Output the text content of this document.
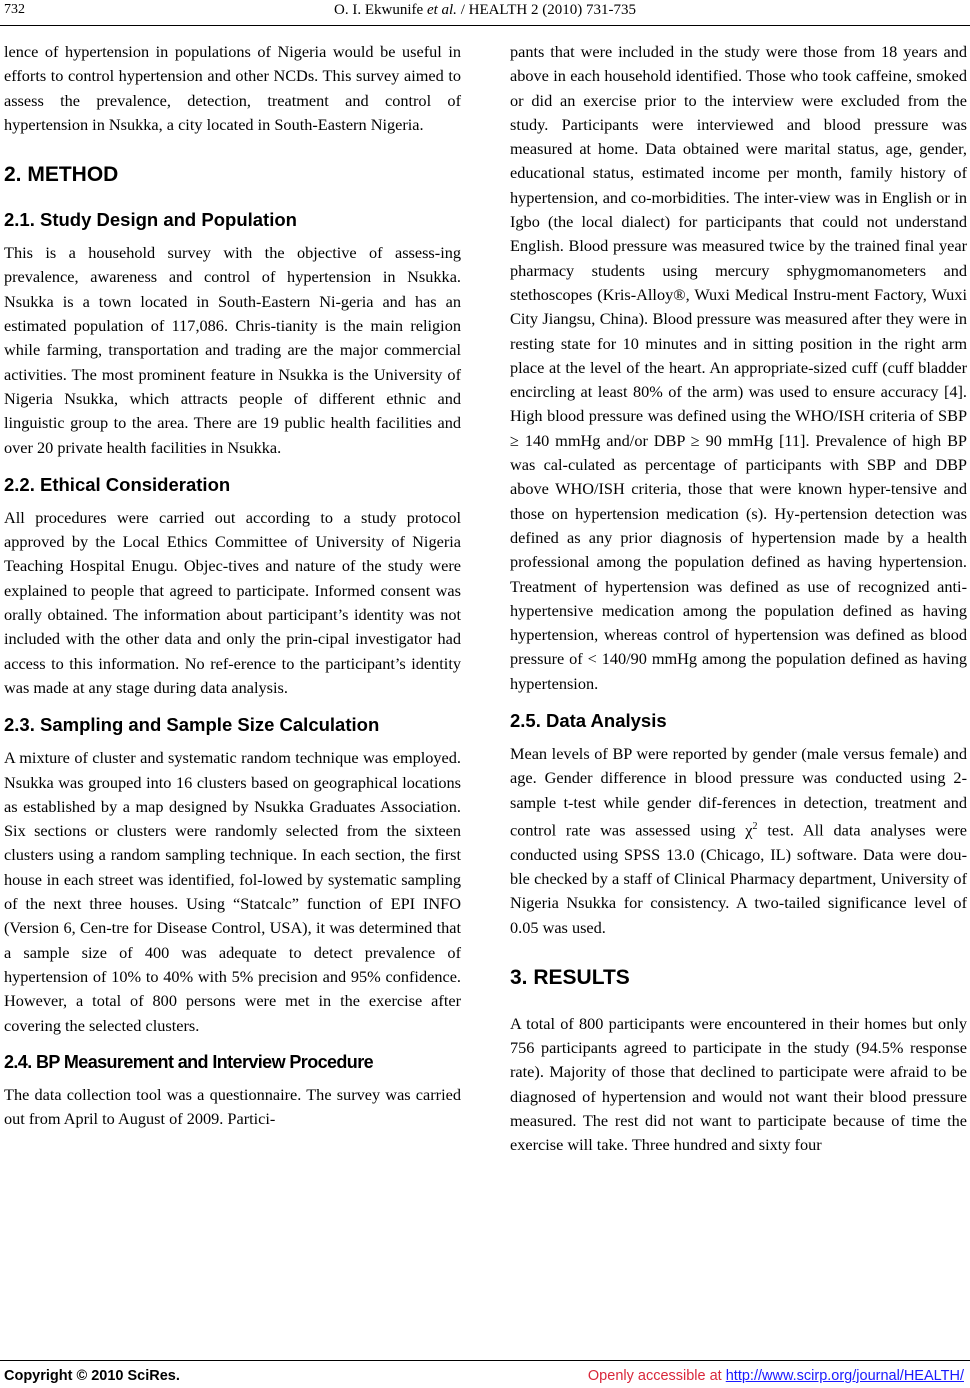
732	O. I. Ekwunife et al. / HEALTH 2 (2010) 731-735

lence of hypertension in populations of Nigeria would be useful in efforts to control hypertension and other NCDs. This survey aimed to assess the prevalence, detection, treatment and control of hypertension in Nsukka, a city located in South-Eastern Nigeria.

2. METHOD
2.1. Study Design and Population

This is a household survey with the objective of assess-ing prevalence, awareness and control of hypertension in Nsukka. Nsukka is a town located in South-Eastern Ni-geria and has an estimated population of 117,086. Chris-tianity is the main religion while farming, transportation and trading are the major commercial activities. The most prominent feature in Nsukka is the University of Nigeria Nsukka, which attracts people of different ethnic and linguistic group to the area. There are 19 public health facilities and over 20 private health facilities in Nsukka.

2.2. Ethical Consideration

All procedures were carried out according to a study protocol approved by the Local Ethics Committee of University of Nigeria Teaching Hospital Enugu. Objec-tives and nature of the study were explained to people that agreed to participate. Informed consent was orally obtained. The information about participant’s identity was not included with the other data and only the prin-cipal investigator had access to this information. No ref-erence to the participant’s identity was made at any stage during data analysis.

2.3. Sampling and Sample Size Calculation

A mixture of cluster and systematic random technique was employed. Nsukka was grouped into 16 clusters based on geographical locations as established by a map designed by Nsukka Graduates Association. Six sections or clusters were randomly selected from the sixteen clusters using a random sampling technique. In each section, the first house in each street was identified, fol-lowed by systematic sampling of the next three houses. Using “Statcalc” function of EPI INFO (Version 6, Cen-tre for Disease Control, USA), it was determined that a sample size of 400 was adequate to detect prevalence of hypertension of 10% to 40% with 5% precision and 95% confidence. However, a total of 800 persons were met in the exercise after covering the selected clusters.

2.4. BP Measurement and Interview Procedure

The data collection tool was a questionnaire. The survey was carried out from April to August of 2009. Partici-

pants that were included in the study were those from 18 years and above in each household identified. Those who took caffeine, smoked or did an exercise prior to the interview were excluded from the study. Participants were interviewed and blood pressure was measured at home. Data obtained were marital status, age, gender, educational status, estimated income per month, family history of hypertension, and co-morbidities. The inter-view was in English or in Igbo (the local dialect) for participants that could not understand English. Blood pressure was measured twice by the trained final year pharmacy students using mercury sphygmomanometers and stethoscopes (Kris-Alloy®, Wuxi Medical Instru-ment Factory, Wuxi City Jiangsu, China). Blood pressure was measured after they were in resting state for 10 minutes and in sitting position in the right arm place at the level of the heart. An appropriate-sized cuff (cuff bladder encircling at least 80% of the arm) was used to ensure accuracy [4]. High blood pressure was defined using the WHO/ISH criteria of SBP ≥ 140 mmHg and/or DBP ≥ 90 mmHg [11]. Prevalence of high BP was cal-culated as percentage of participants with SBP and DBP above WHO/ISH criteria, those that were known hyper-tensive and those on hypertension medication (s). Hy-pertension detection was defined as any prior diagnosis of hypertension made by a health professional among the population defined as having hypertension. Treatment of hypertension was defined as use of recognized anti-hypertensive medication among the population defined as having hypertension, whereas control of hypertension was defined as blood pressure of < 140/90 mmHg among the population defined as having hypertension.

2.5. Data Analysis

Mean levels of BP were reported by gender (male versus female) and age. Gender difference in blood pressure was conducted using 2-sample t-test while gender dif-ferences in detection, treatment and control rate was assessed using $\chi^2$ test. All data analyses were conducted using SPSS 13.0 (Chicago, IL) software. Data were dou-ble checked by a staff of Clinical Pharmacy department, University of Nigeria Nsukka for consistency. A two-tailed significance level of 0.05 was used.

3. RESULTS

A total of 800 participants were encountered in their homes but only 756 participants agreed to participate in the study (94.5% response rate). Majority of those that declined to participate were afraid to be diagnosed of hypertension and would not want their blood pressure measured. The rest did not want to participate because of time the exercise will take. Three hundred and sixty four

Copyright © 2010 SciRes.	Openly accessible at http://www.scirp.org/journal/HEALTH/
